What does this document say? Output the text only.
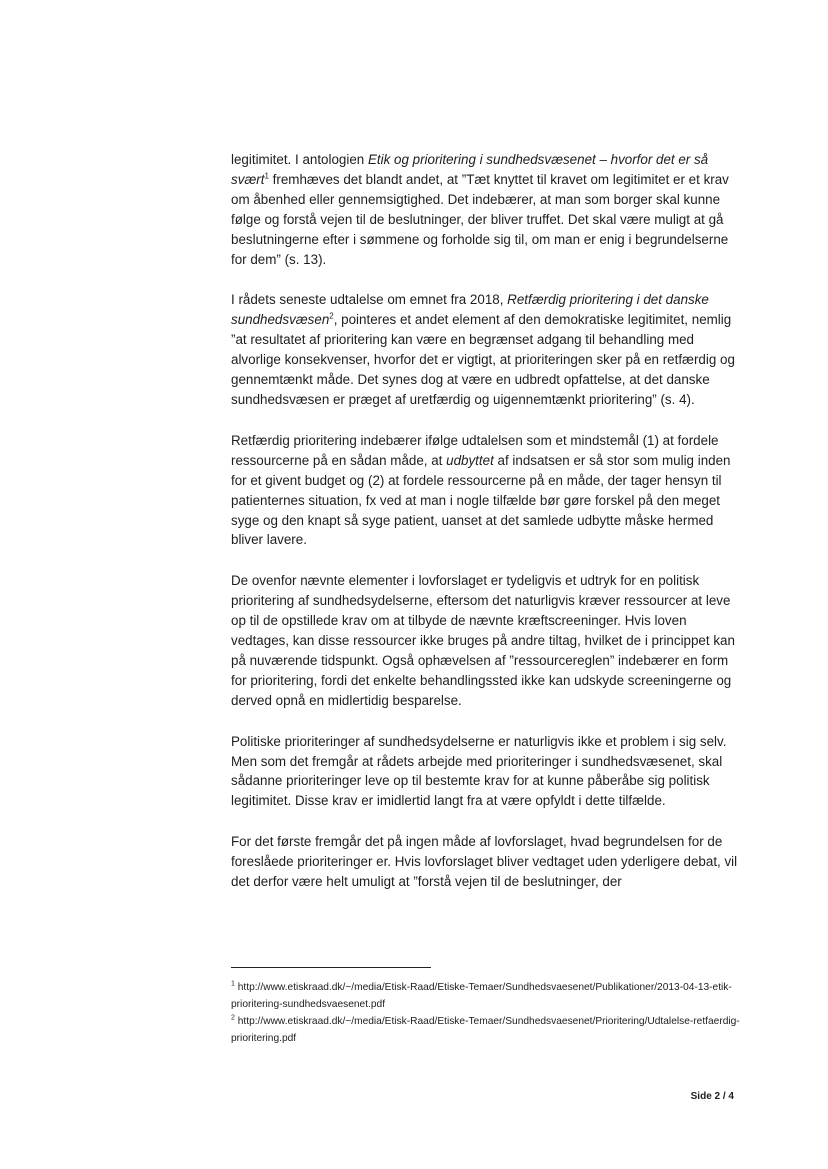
legitimitet. I antologien Etik og prioritering i sundhedsvæsenet – hvorfor det er så svært$^1$ fremhæves det blandt andet, at ”Tæt knyttet til kravet om legitimitet er et krav om åbenhed eller gennemsigtighed. Det indebærer, at man som borger skal kunne følge og forstå vejen til de beslutninger, der bliver truffet. Det skal være muligt at gå beslutningerne efter i sømmene og forholde sig til, om man er enig i begrundelserne for dem” (s. 13).

I rådets seneste udtalelse om emnet fra 2018, Retfærdig prioritering i det danske sundhedsvæsen$^2$, pointeres et andet element af den demokratiske legitimitet, nemlig ”at resultatet af prioritering kan være en begrænset adgang til behandling med alvorlige konsekvenser, hvorfor det er vigtigt, at prioriteringen sker på en retfærdig og gennemtænkt måde. Det synes dog at være en udbredt opfattelse, at det danske sundhedsvæsen er præget af uretfærdig og uigennemtænkt prioritering” (s. 4).

Retfærdig prioritering indebærer ifølge udtalelsen som et mindstemål (1) at fordele ressourcerne på en sådan måde, at udbyttet af indsatsen er så stor som mulig inden for et givent budget og (2) at fordele ressourcerne på en måde, der tager hensyn til patienternes situation, fx ved at man i nogle tilfælde bør gøre forskel på den meget syge og den knapt så syge patient, uanset at det samlede udbytte måske hermed bliver lavere.

De ovenfor nævnte elementer i lovforslaget er tydeligvis et udtryk for en politisk prioritering af sundhedsydelserne, eftersom det naturligvis kræver ressourcer at leve op til de opstillede krav om at tilbyde de nævnte kræftscreeninger. Hvis loven vedtages, kan disse ressourcer ikke bruges på andre tiltag, hvilket de i princippet kan på nuværende tidspunkt. Også ophævelsen af ”ressourcereglen” indebærer en form for prioritering, fordi det enkelte behandlingssted ikke kan udskyde screeningerne og derved opnå en midlertidig besparelse.

Politiske prioriteringer af sundhedsydelserne er naturligvis ikke et problem i sig selv. Men som det fremgår at rådets arbejde med prioriteringer i sundhedsvæsenet, skal sådanne prioriteringer leve op til bestemte krav for at kunne påberåbe sig politisk legitimitet. Disse krav er imidlertid langt fra at være opfyldt i dette tilfælde.

For det første fremgår det på ingen måde af lovforslaget, hvad begrundelsen for de foreslåede prioriteringer er. Hvis lovforslaget bliver vedtaget uden yderligere debat, vil det derfor være helt umuligt at ”forstå vejen til de beslutninger, der

$^1$ http://www.etiskraad.dk/~/media/Etisk-Raad/Etiske-Temaer/Sundhedsvaesenet/Publikationer/2013-04-13-etik-prioritering-sundhedsvaesenet.pdf

$^2$ http://www.etiskraad.dk/~/media/Etisk-Raad/Etiske-Temaer/Sundhedsvaesenet/Prioritering/Udtalelse-retfaerdig-prioritering.pdf

Side 2 / 4
